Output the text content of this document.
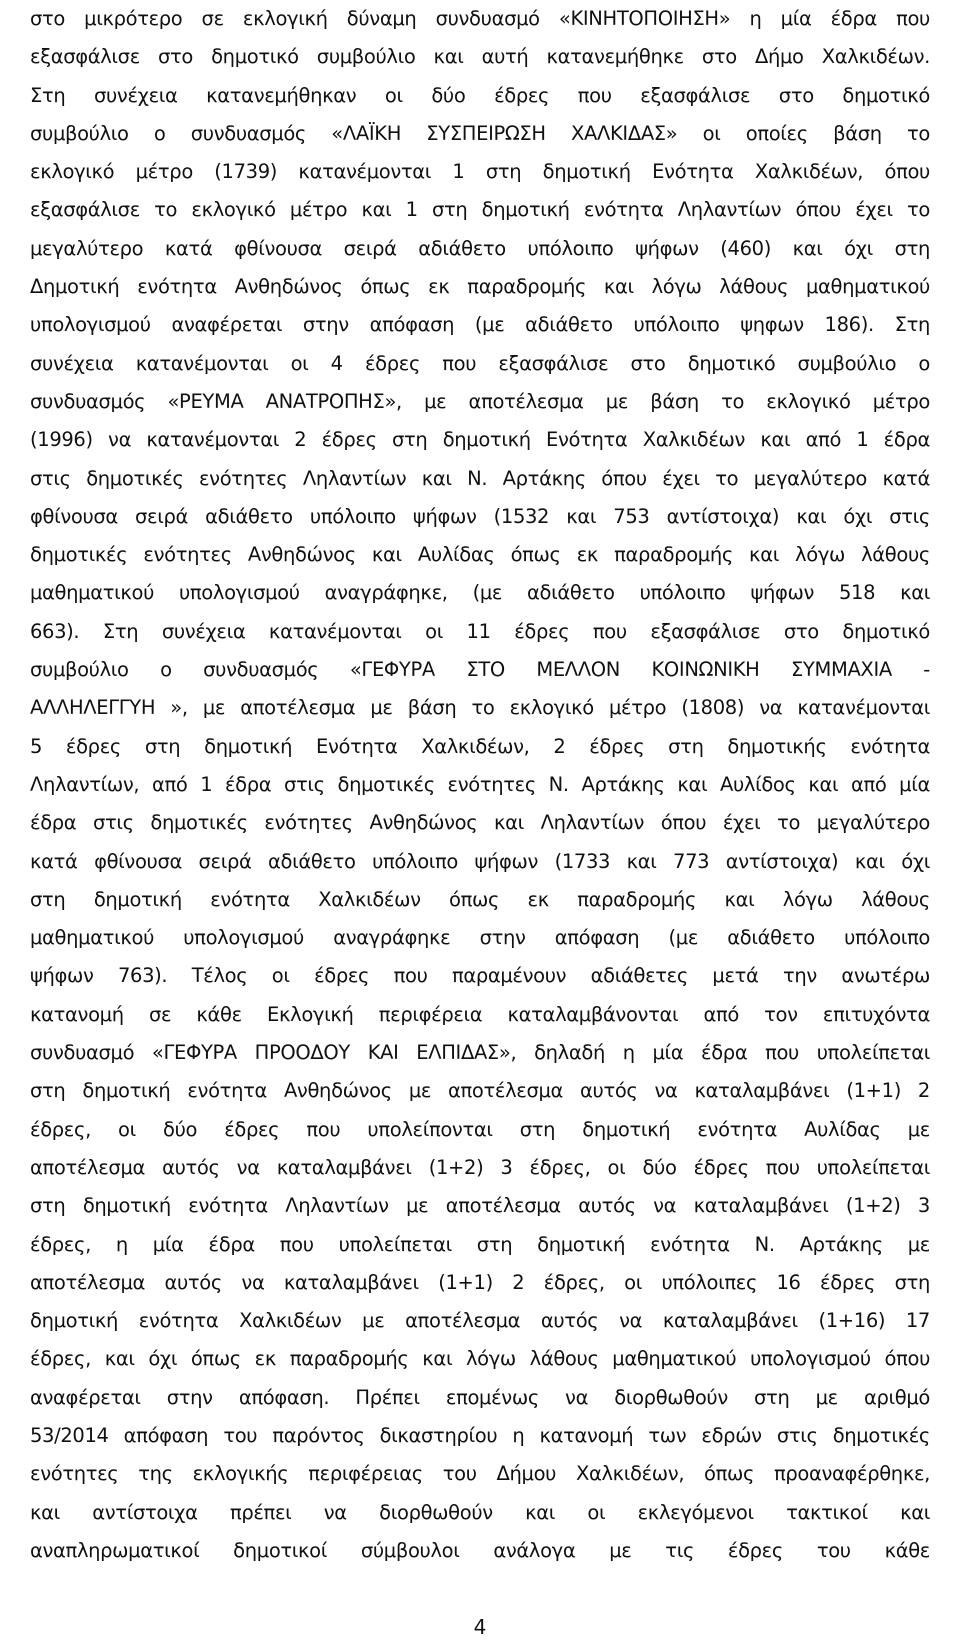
στο μικρότερο σε εκλογική δύναμη συνδυασμό «ΚΙΝΗΤΟΠΟΙΗΣΗ» η μία έδρα που
εξασφάλισε στο δημοτικό συμβούλιο και αυτή κατανεμήθηκε στο Δήμο Χαλκιδέων.
Στη συνέχεια κατανεμήθηκαν οι δύο έδρες που εξασφάλισε στο δημοτικό
συμβούλιο ο συνδυασμός «ΛΑΪΚΗ ΣΥΣΠΕΙΡΩΣΗ ΧΑΛΚΙΔΑΣ» οι οποίες βάση το
εκλογικό μέτρο (1739) κατανέμονται 1 στη δημοτική Ενότητα Χαλκιδέων, όπου
εξασφάλισε το εκλογικό μέτρο και 1 στη δημοτική ενότητα Ληλαντίων όπου έχει το
μεγαλύτερο κατά φθίνουσα σειρά αδιάθετο υπόλοιπο ψήφων (460) και όχι στη
Δημοτική ενότητα Ανθηδώνος όπως εκ παραδρομής και λόγω λάθους μαθηματικού
υπολογισμού αναφέρεται στην απόφαση (με αδιάθετο υπόλοιπο ψηφων 186). Στη
συνέχεια κατανέμονται οι 4 έδρες που εξασφάλισε στο δημοτικό συμβούλιο ο
συνδυασμός «ΡΕΥΜΑ ΑΝΑΤΡΟΠΗΣ», με αποτέλεσμα με βάση το εκλογικό μέτρο
(1996) να κατανέμονται 2 έδρες στη δημοτική Ενότητα Χαλκιδέων και από 1 έδρα
στις δημοτικές ενότητες Ληλαντίων και Ν. Αρτάκης όπου έχει το μεγαλύτερο κατά
φθίνουσα σειρά αδιάθετο υπόλοιπο ψήφων (1532 και 753 αντίστοιχα) και όχι στις
δημοτικές ενότητες Ανθηδώνος και Αυλίδας όπως εκ παραδρομής και λόγω λάθους
μαθηματικού υπολογισμού αναγράφηκε, (με αδιάθετο υπόλοιπο ψήφων 518 και
663). Στη συνέχεια κατανέμονται οι 11 έδρες που εξασφάλισε στο δημοτικό
συμβούλιο ο συνδυασμός «ΓΕΦΥΡΑ ΣΤΟ ΜΕΛΛΟΝ ΚΟΙΝΩΝΙΚΗ ΣΥΜΜΑΧΙΑ -
ΑΛΛΗΛΕΓΓΥΗ », με αποτέλεσμα με βάση το εκλογικό μέτρο (1808) να κατανέμονται
5 έδρες στη δημοτική Ενότητα Χαλκιδέων, 2 έδρες στη δημοτικής ενότητα
Ληλαντίων, από 1 έδρα στις δημοτικές ενότητες Ν. Αρτάκης και Αυλίδος και από μία
έδρα στις δημοτικές ενότητες Ανθηδώνος και Ληλαντίων όπου έχει το μεγαλύτερο
κατά φθίνουσα σειρά αδιάθετο υπόλοιπο ψήφων (1733 και 773 αντίστοιχα) και όχι
στη δημοτική ενότητα Χαλκιδέων όπως εκ παραδρομής και λόγω λάθους
μαθηματικού υπολογισμού αναγράφηκε στην απόφαση (με αδιάθετο υπόλοιπο
ψήφων 763). Τέλος οι έδρες που παραμένουν αδιάθετες μετά την ανωτέρω
κατανομή σε κάθε Εκλογική περιφέρεια καταλαμβάνονται από τον επιτυχόντα
συνδυασμό «ΓΕΦΥΡΑ ΠΡΟΟΔΟΥ ΚΑΙ ΕΛΠΙΔΑΣ», δηλαδή η μία έδρα που υπολείπεται
στη δημοτική ενότητα Ανθηδώνος με αποτέλεσμα αυτός να καταλαμβάνει (1+1) 2
έδρες, οι δύο έδρες που υπολείπονται στη δημοτική ενότητα Αυλίδας με
αποτέλεσμα αυτός να καταλαμβάνει (1+2) 3 έδρες, οι δύο έδρες που υπολείπεται
στη δημοτική ενότητα Ληλαντίων με αποτέλεσμα αυτός να καταλαμβάνει (1+2) 3
έδρες, η μία έδρα που υπολείπεται στη δημοτική ενότητα Ν. Αρτάκης με
αποτέλεσμα αυτός να καταλαμβάνει (1+1) 2 έδρες, οι υπόλοιπες 16 έδρες στη
δημοτική ενότητα Χαλκιδέων με αποτέλεσμα αυτός να καταλαμβάνει (1+16) 17
έδρες, και όχι όπως εκ παραδρομής και λόγω λάθους μαθηματικού υπολογισμού όπου
αναφέρεται στην απόφαση. Πρέπει επομένως να διορθωθούν στη με αριθμό
53/2014 απόφαση του παρόντος δικαστηρίου η κατανομή των εδρών στις δημοτικές
ενότητες της εκλογικής περιφέρειας του Δήμου Χαλκιδέων, όπως προαναφέρθηκε,
και αντίστοιχα πρέπει να διορθωθούν και οι εκλεγόμενοι τακτικοί και
αναπληρωματικοί δημοτικοί σύμβουλοι ανάλογα με τις έδρες του κάθε
4
